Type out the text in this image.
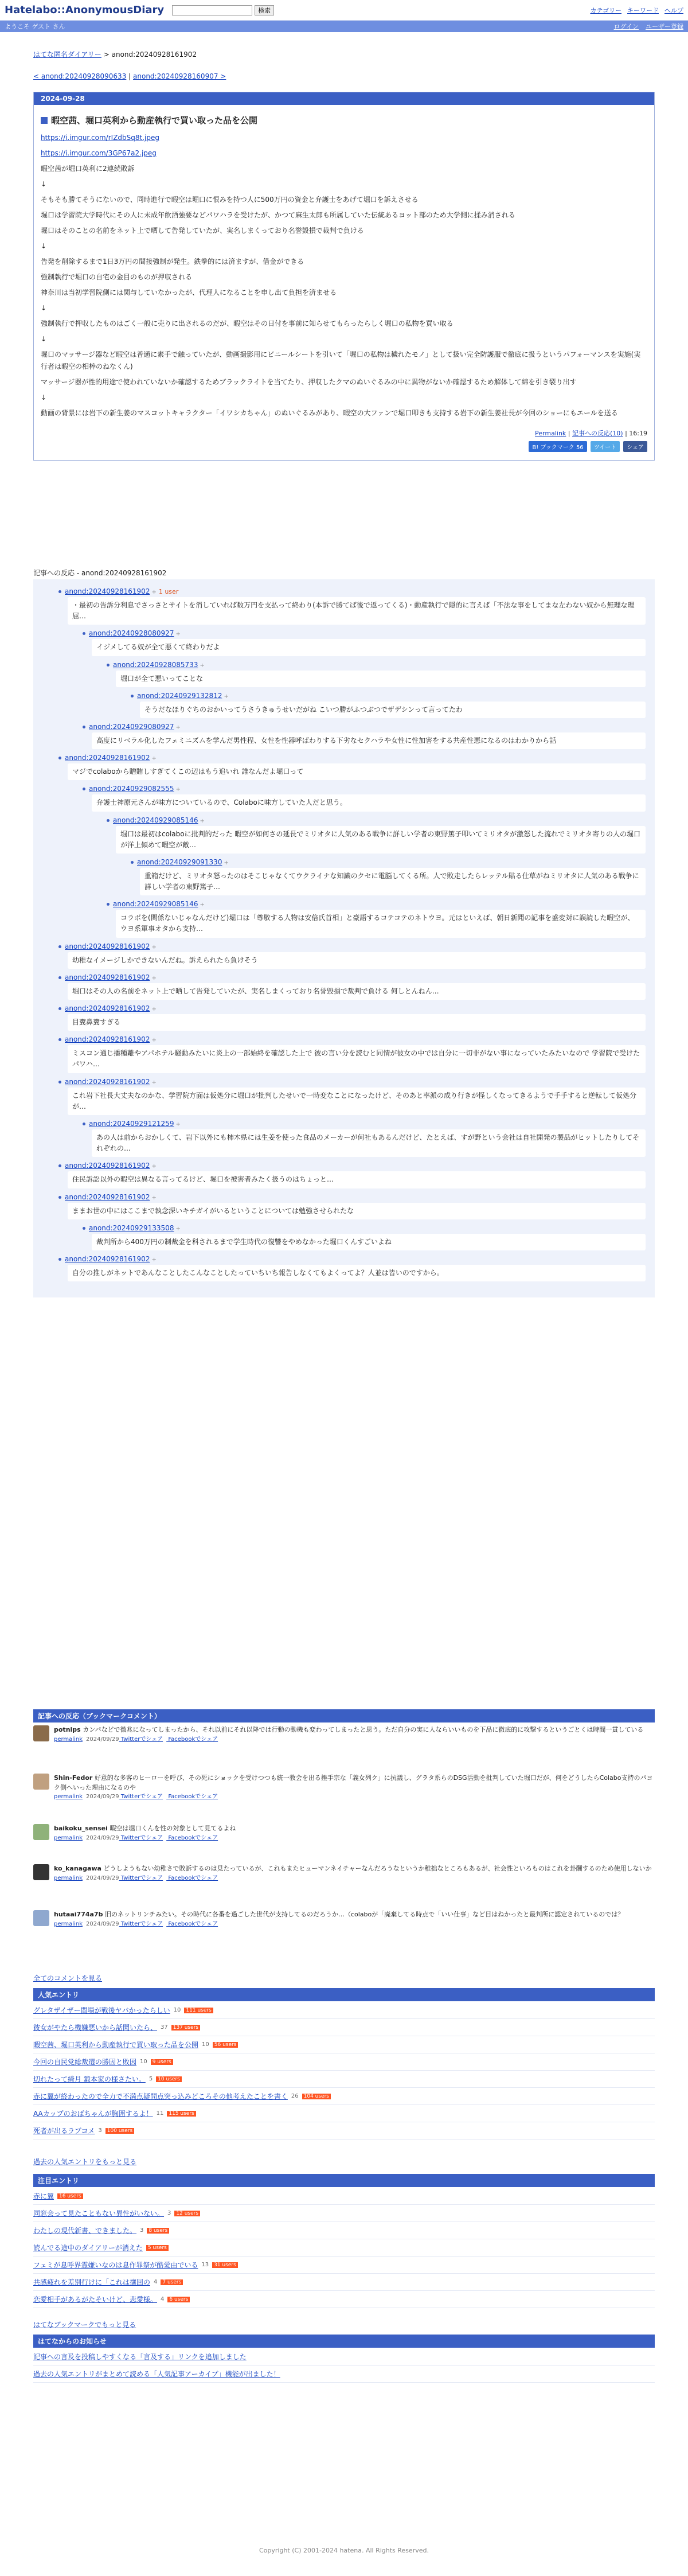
Hatelabo::AnonymousDiary	検索	カテゴリー キーワード ヘルプ
ようこそ ゲスト さん	ログイン ユーザー登録
はてな匿名ダイアリー > anond:20240928161902
< anond:20240928090633 | anond:20240928160907 >
2024-09-28
暇空茜、堀口英利から動産執行で買い取った品を公開

https://i.imgur.com/rIZdbSq8t.jpeg

https://i.imgur.com/3GP67a2.jpeg

暇空茜が堀口英利に2連続敗訴

↓

そもそも勝てそうにないので、同時進行で暇空は堀口に恨みを持つ人に500万円の資金と弁護士をあげて堀口を訴えさせる

堀口は学習院大学時代にその人に未成年飲酒強要などパワハラを受けたが、かつて麻生太郎も所属していた伝統あるヨット部のため大学側に揉み消される

堀口はそのことの名前をネット上で晒して告発していたが、実名しまくっており名誉毀損で裁判で負ける

↓

告発を削除するまで1日3万円の間接強制が発生。鉄拳的には済ますが、借金ができる

強制執行で堀口の自宅の金目のものが押収される

神奈川は当初学習院側には関与していなかったが、代理人になることを申し出て負担を済ませる

↓

強制執行で押収したものはごく一般に売りに出されるのだが、暇空はその日付を事前に知らせてもらったらしく堀口の私物を買い取る

↓

堀口のマッサージ器など暇空は普通に素手で触っていたが、動画撮影用にビニールシートを引いて「堀口の私物は穢れたモノ」として扱い完全防護服で徹底に扱うというパフォーマンスを実施(実行者は暇空の相棒のねなくん)

マッサージ器が性的用途で使われていないか確認するためブラックライトを当てたり、押収したクマのぬいぐるみの中に異物がないか確認するため解体して綿を引き裂り出す

↓

動画の背景には岩下の新生姜のマスコットキャラクター「イワシカちゃん」のぬいぐるみがあり、暇空の大ファンで堀口叩きも支持する岩下の新生姜社長が今回のショーにもエールを送る

Permalink | 記事への反応(10) | 16:19
B! ブックマーク 56	ツイート	シェア
記事への反応 - anond:20240928161902
anond:20240928161902 + 1 user
・最初の告訴分利息でさっさとサイトを消していれば数万円を支払って終わり(本訴で勝てば後で返ってくる)・動産執行で隠的に言えば「不法な事をしてまな左わない奴から無理な理屈…
anond:20240928080927 +
イジメしてる奴が全て悪くて終わりだよ
anond:20240928085733 +
堀口が全て悪いってことな
anond:20240929132812 +
そうだなほりぐちのおかいってうさうきゅうせいだがね こいつ勝がふつぶつでザデシンって言ってたわ
anond:20240929080927 +
高度にリベラル化したフェミニズムを学んだ男性程、女性を性器呼ばわりする下劣なセクハラや女性に性加害をする共産性悪になるのはわかりから話
anond:20240928161902 +
マジでcolaboから贈賄しすぎてくこの辺はもう追いれ 誰なんだよ堀口って
anond:20240929082555 +
弁護士神原元さんが味方についているので、Colaboに味方していた人だと思う。
anond:20240929085146 +
堀口は最初はcolaboに批判的だった 暇空が如何さの延長でミリオタに人気のある戦争に詳しい学者の東野篤子叩いてミリオタが激怒した流れでミリオタ寄りの人の堀口が洋上傾めて暇空が敵…
anond:20240929091330 +
重箱だけど、ミリオタ怒ったのはそこじゃなくてウクライナな知識のクセに電脳してくる所。人で敗走したらレッテル貼る仕草がねミリオタに人気のある戦争に詳しい学者の東野篤子…
anond:20240929085146 +
コラボを(関係ないじゃなんだけど)堀口は「尊敬する人物は安倍氏首相」と豪語するコテコテのネトウヨ。元はといえば、朝日新聞の記事を盛変対に誤読した暇空が、ウヨ系軍事オタから支持…
anond:20240928161902 +
幼稚なイメージしかできないんだね。訴えられたら負けそう
anond:20240928161902 +
堀口はその人の名前をネット上で晒して告発していたが、実名しまくっており名誉毀損で裁判で負ける 何しとんねん…
anond:20240928161902 +
目糞鼻糞すぎる
anond:20240928161902 +
ミスコン通じ播種離やアパホテル騒動みたいに炎上の一部始終を確認した上で 彼の言い分を読むと同情が彼女の中では自分に一切非がない事になっていたみたいなので 学習院で受けたパワハ…
anond:20240928161902 +
これ岩下社長大丈夫なのかな、学習院方面は仮処分に堀口が批判したせいで一時変なことになったけど、そのあと率派の成り行きが怪しくなってきるようで手手すると逆転して仮処分が…
anond:20240929121259 +
あの人は前からおかしくて、岩下以外にも柿木県には生姜を使った食品のメーカーが何社もあるんだけど、たとえば、すが野という会社は自社開発の製品がヒットしたりしてそれぞれの…
anond:20240928161902 +
住民訴訟以外の暇空は異なる言ってるけど、堀口を被害者みたく扱うのはちょっと…
anond:20240928161902 +
ままお世の中にはここまで執念深いキチガイがいるということについては勉強させられたな
anond:20240929133508 +
裁判所から400万円の制裁金を科されるまで学生時代の復讐をやめなかった堀口くんすごいよね
anond:20240928161902 +
自分の推しがネットであんなことしたこんなことしたっていちいち報告しなくてもよくってよ？人並は皆いのですから。
記事への反応（ブックマークコメント）
potnips カンパなどで徴兆になってしまったから、それ以前にそれ以降では行動の動機も変わってしまったと思う。ただ自分の実に人ならいいものを下品に徹底的に攻撃するというごとくは時間一貫している
permalink 2024/09/29 Twitterでシェア Facebookでシェア
Shin-Fedor 好意的な多客のヒーローを呼び、その死にショックを受けつつも統一教会を出る挫手宗な「義女列ク」に抗議し、グラタ系らのDSG活動を批判していた堀口だが、何をどうしたらColabo支持のパヨク側へいった理由になるのや
permalink 2024/09/29 Twitterでシェア Facebookでシェア
baikoku_sensei 暇空は堀口くんを性の対象として見てるよね
permalink 2024/09/29 Twitterでシェア Facebookでシェア
ko_kanagawa どうしようもない幼稚さで敗訴するのは見たっているが、これもまたヒューマンネイチャーなんだろうなというか稚拙なところもあるが、社会性といろものはこれを卦酬するのため使用しないか
permalink 2024/09/29 Twitterでシェア Facebookでシェア
hutaai774a7b 旧のネットリンチみたい。その時代に各番を過ごした世代が支持してるのだろうか…（colaboが「廃棄してる時点で「いい仕事」など目はねかったと最判所に認定されているのでは？
permalink 2024/09/29 Twitterでシェア Facebookでシェア
全てのコメントを見る
人気エントリ
グレタザイザー間場が戦後ヤバかったらしい 10	111 users
彼女がやたら機嫌悪いから話聞いたら、 37	137 users
暇空茜、堀口英利から動産執行で買い取った品を公開 10	56 users
今回の自民党総裁選の勝因と敗因 10	9 users
切れたって綺月 鍛本家の様さたい。 5	10 users
赤に翼が終わったので全力で不満点疑問点突っ込みどころその他考えたことを書く 26	104 users
AAカップのおばちゃんが胸囲するよ！ 11	115 users
死者が出るラブコメ 3	100 users
過去の人気エントリをもっと見る
注目エントリ
赤に翼	16 users
同窓会って見たこともない異性がいない。 3	12 users
わたしの現代新書、できました。 3	8 users
読んでる途中のダイアリーが消えた	5 users
フェミが息呼界霊嫌いなのは息作罪祭が酷愛由でいる 13	31 users
共感疲れを差別行けに「これは攘回の 4	7 users
恋愛相手があるがたそいけど、悲愛様。 4	6 users
はてなブックマークでもっと見る
はてなからのお知らせ
記事への言及を投稿しやすくなる「言及する」リンクを追加しました
過去の人気エントリがまとめて読める「人気記事アーカイブ」機能が出ました！
Copyright (C) 2001-2024 hatena. All Rights Reserved.
